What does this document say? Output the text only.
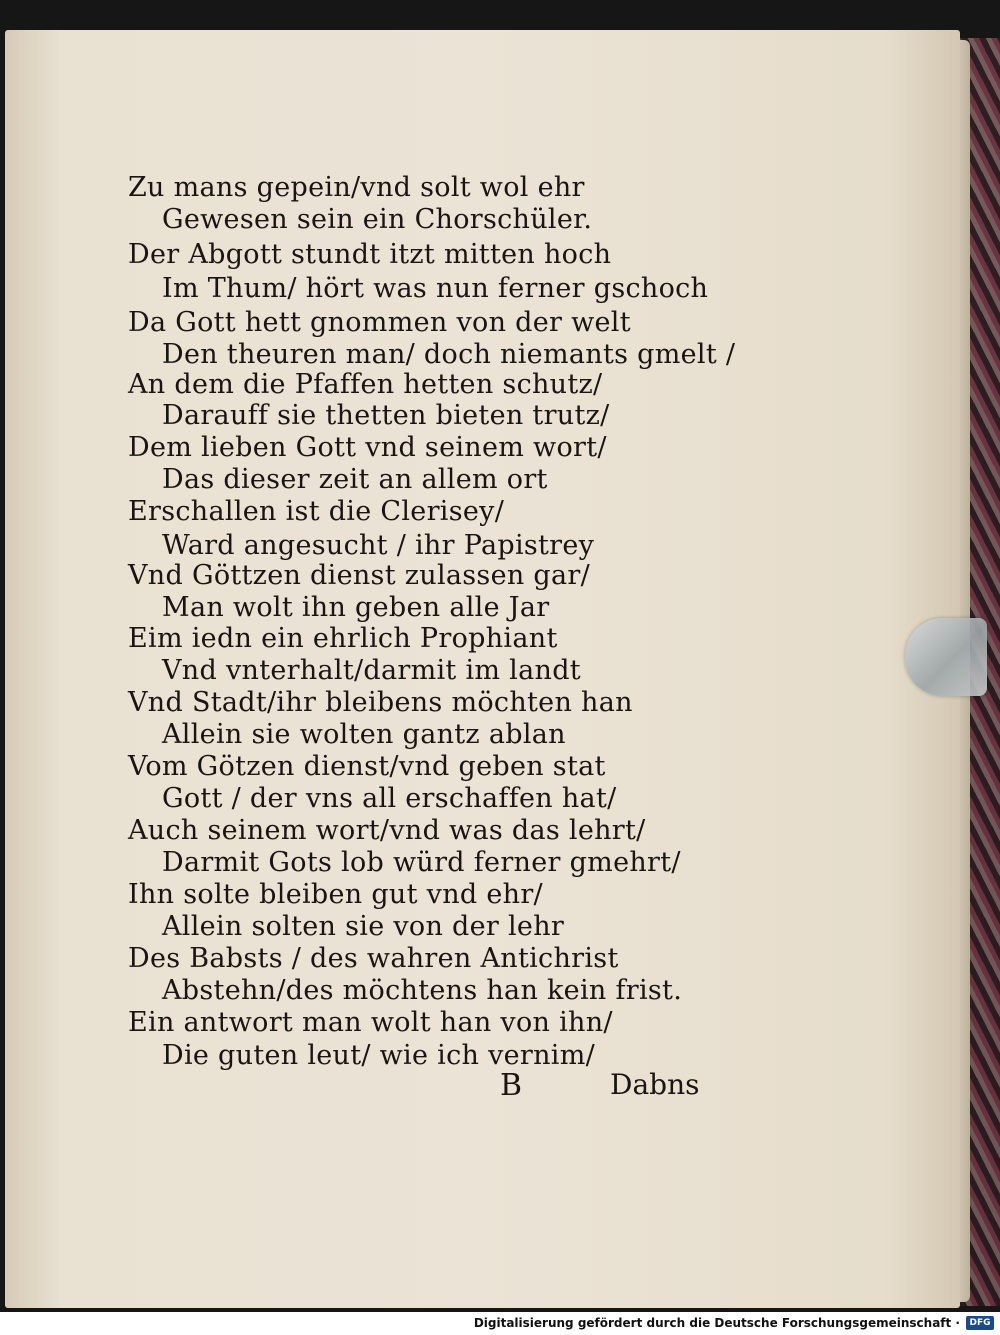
Zu mans gepein/vnd solt wol ehr
Gewesen sein ein Chorschüler.
Der Abgott stundt itzt mitten hoch
Im Thum/ hört was nun ferner gschoch
Da Gott hett gnommen von der welt
Den theuren man/ doch niemants gmelt /
An dem die Pfaffen hetten schutz/
Darauff sie thetten bieten trutz/
Dem lieben Gott vnd seinem wort/
Das dieser zeit an allem ort
Erschallen ist die Clerisey/
Ward angesucht / ihr Papistrey
Vnd Göttzen dienst zulassen gar/
Man wolt ihn geben alle Jar
Eim iedn ein ehrlich Prophiant
Vnd vnterhalt/darmit im landt
Vnd Stadt/ihr bleibens möchten han
Allein sie wolten gantz ablan
Vom Götzen dienst/vnd geben stat
Gott / der vns all erschaffen hat/
Auch seinem wort/vnd was das lehrt/
Darmit Gots lob würd ferner gmehrt/
Ihn solte bleiben gut vnd ehr/
Allein solten sie von der lehr
Des Babsts / des wahren Antichrist
Abstehn/des möchtens han kein frist.
Ein antwort man wolt han von ihn/
Die guten leut/ wie ich vernim/
B	Dabns
Digitalisierung gefördert durch die Deutsche Forschungsgemeinschaft ·	DFG
